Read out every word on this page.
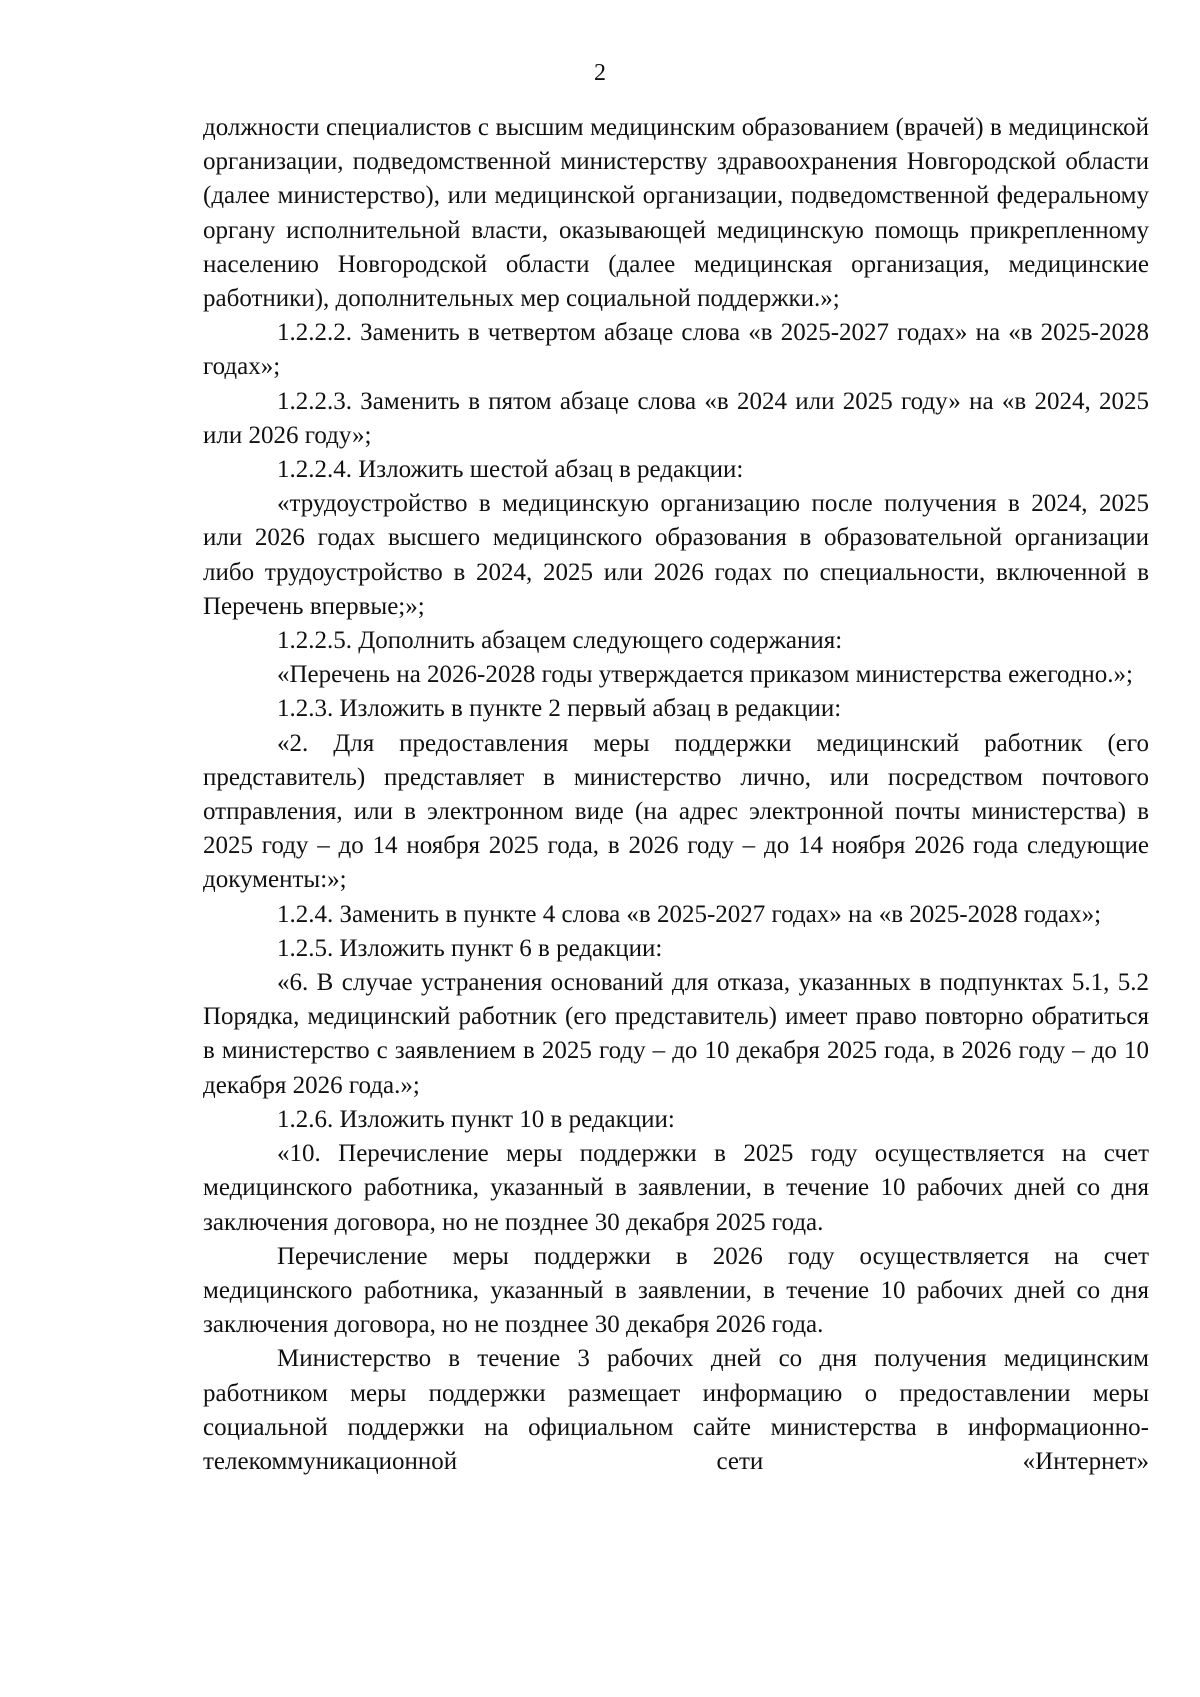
2

должности специалистов с высшим медицинским образованием (врачей) в медицинской организации, подведомственной министерству здравоохранения Новгородской области (далее министерство), или медицинской организации, подведомственной федеральному органу исполнительной власти, оказывающей медицинскую помощь прикрепленному населению Новгородской области (далее медицинская организация, медицинские работники), дополнительных мер социальной поддержки.»;

1.2.2.2. Заменить в четвертом абзаце слова «в 2025-2027 годах» на «в 2025-2028 годах»;

1.2.2.3. Заменить в пятом абзаце слова «в 2024 или 2025 году» на «в 2024, 2025 или 2026 году»;

1.2.2.4. Изложить шестой абзац в редакции:

«трудоустройство в медицинскую организацию после получения в 2024, 2025 или 2026 годах высшего медицинского образования в образовательной организации либо трудоустройство в 2024, 2025 или 2026 годах по специальности, включенной в Перечень впервые;»;

1.2.2.5. Дополнить абзацем следующего содержания:

«Перечень на 2026-2028 годы утверждается приказом министерства ежегодно.»;

1.2.3. Изложить в пункте 2 первый абзац в редакции:

«2. Для предоставления меры поддержки медицинский работник (его представитель) представляет в министерство лично, или посредством почтового отправления, или в электронном виде (на адрес электронной почты министерства) в 2025 году – до 14 ноября 2025 года, в 2026 году – до 14 ноября 2026 года следующие документы:»;

1.2.4. Заменить в пункте 4 слова «в 2025-2027 годах» на «в 2025-2028 годах»;

1.2.5. Изложить пункт 6 в редакции:

«6. В случае устранения оснований для отказа, указанных в подпунктах 5.1, 5.2 Порядка, медицинский работник (его представитель) имеет право повторно обратиться в министерство с заявлением в 2025 году – до 10 декабря 2025 года, в 2026 году – до 10 декабря 2026 года.»;

1.2.6. Изложить пункт 10 в редакции:

«10. Перечисление меры поддержки в 2025 году осуществляется на счет медицинского работника, указанный в заявлении, в течение 10 рабочих дней со дня заключения договора, но не позднее 30 декабря 2025 года.

Перечисление меры поддержки в 2026 году осуществляется на счет медицинского работника, указанный в заявлении, в течение 10 рабочих дней со дня заключения договора, но не позднее 30 декабря 2026 года.

Министерство в течение 3 рабочих дней со дня получения медицинским работником меры поддержки размещает информацию о предоставлении меры социальной поддержки на официальном сайте министерства в информационно-телекоммуникационной сети «Интернет»
